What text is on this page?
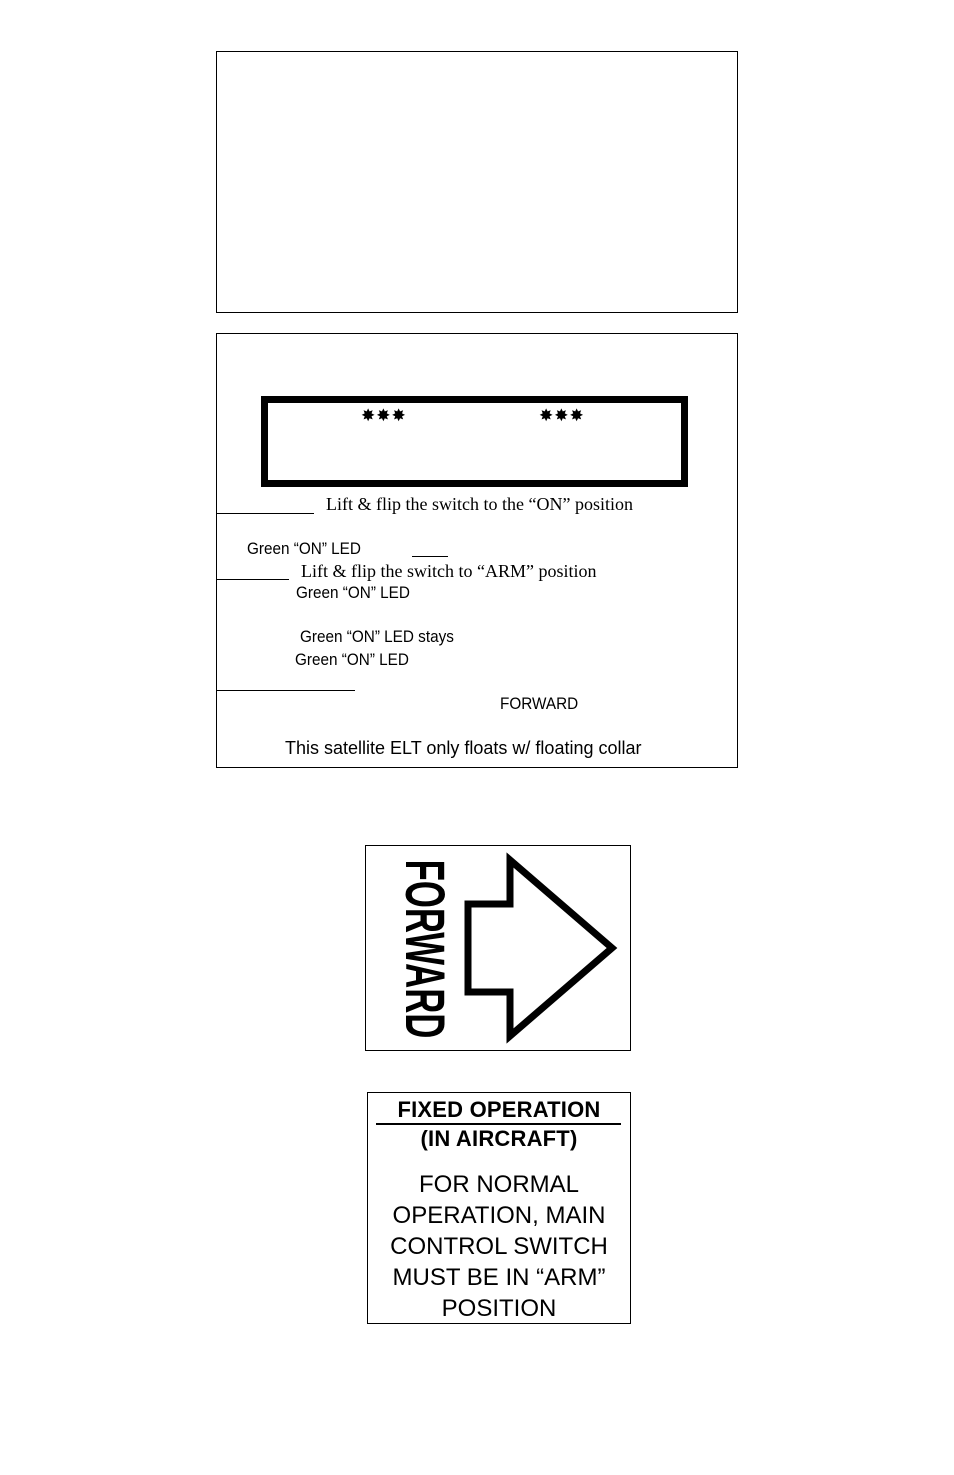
✸✸✸	✸✸✸
Lift & flip the switch to the “ON” position
Green “ON” LED
Lift & flip the switch to “ARM” position
Green “ON” LED
Green “ON” LED stays
Green “ON” LED
FORWARD
This satellite ELT only floats w/ floating collar
FORWARD
FIXED OPERATION
(IN AIRCRAFT)
FOR NORMAL
OPERATION, MAIN
CONTROL SWITCH
MUST BE IN “ARM”
POSITION
